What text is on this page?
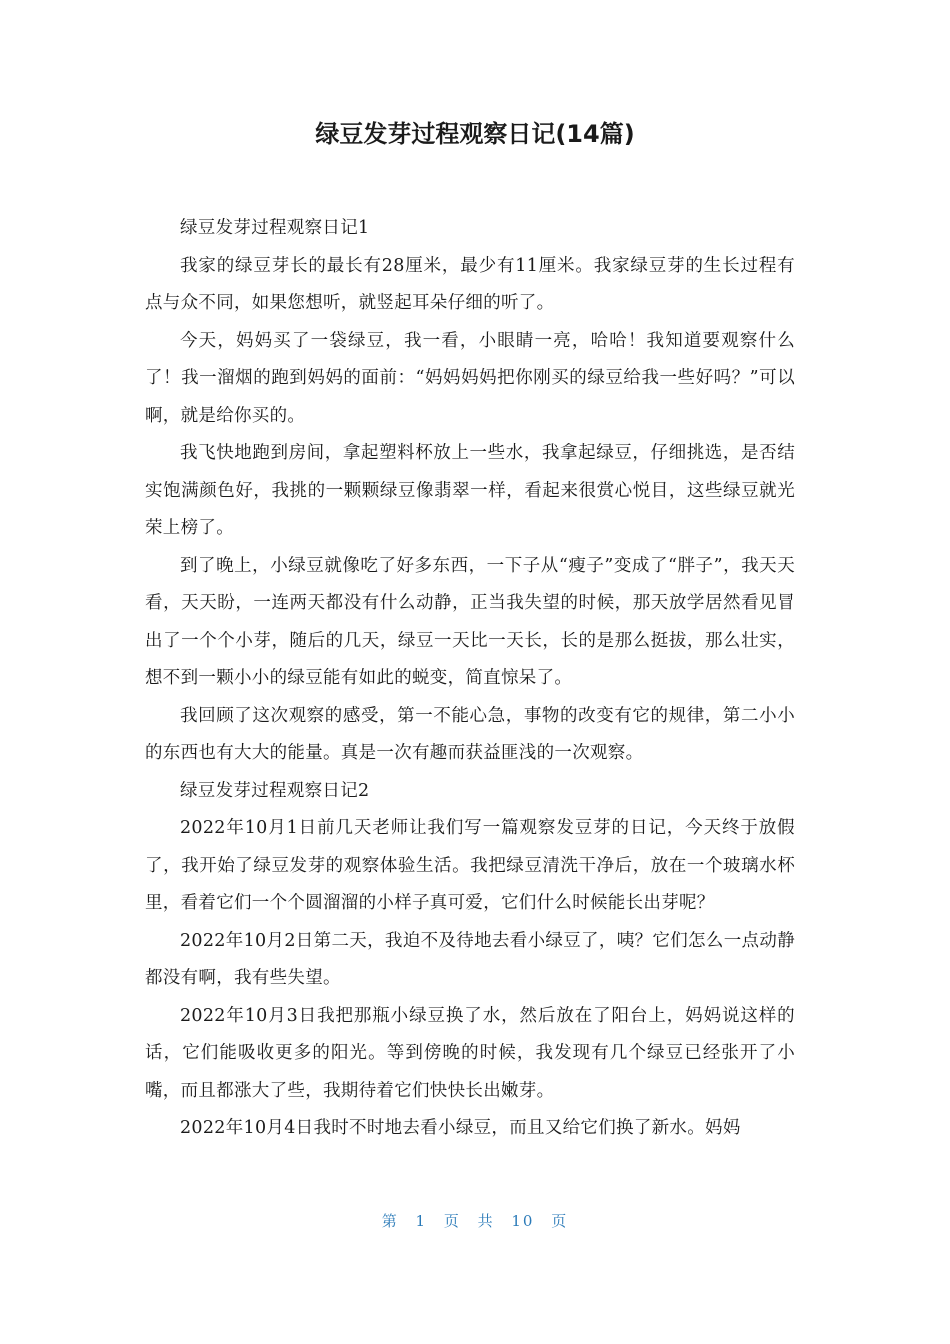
绿豆发芽过程观察日记(14篇)

绿豆发芽过程观察日记1

我家的绿豆芽长的最长有28厘米，最少有11厘米。我家绿豆芽的生长过程有点与众不同，如果您想听，就竖起耳朵仔细的听了。

今天，妈妈买了一袋绿豆，我一看，小眼睛一亮，哈哈！我知道要观察什么了！我一溜烟的跑到妈妈的面前：“妈妈妈妈把你刚买的绿豆给我一些好吗？”可以啊，就是给你买的。

我飞快地跑到房间，拿起塑料杯放上一些水，我拿起绿豆，仔细挑选，是否结实饱满颜色好，我挑的一颗颗绿豆像翡翠一样，看起来很赏心悦目，这些绿豆就光荣上榜了。

到了晚上，小绿豆就像吃了好多东西，一下子从“瘦子”变成了“胖子”，我天天看，天天盼，一连两天都没有什么动静，正当我失望的时候，那天放学居然看见冒出了一个个小芽，随后的几天，绿豆一天比一天长，长的是那么挺拔，那么壮实，想不到一颗小小的绿豆能有如此的蜕变，简直惊呆了。

我回顾了这次观察的感受，第一不能心急，事物的改变有它的规律，第二小小的东西也有大大的能量。真是一次有趣而获益匪浅的一次观察。

绿豆发芽过程观察日记2

2022年10月1日前几天老师让我们写一篇观察发豆芽的日记，今天终于放假了，我开始了绿豆发芽的观察体验生活。我把绿豆清洗干净后，放在一个玻璃水杯里，看着它们一个个圆溜溜的小样子真可爱，它们什么时候能长出芽呢？

2022年10月2日第二天，我迫不及待地去看小绿豆了，咦？它们怎么一点动静都没有啊，我有些失望。

2022年10月3日我把那瓶小绿豆换了水，然后放在了阳台上，妈妈说这样的话，它们能吸收更多的阳光。等到傍晚的时候，我发现有几个绿豆已经张开了小嘴，而且都涨大了些，我期待着它们快快长出嫩芽。

2022年10月4日我时不时地去看小绿豆，而且又给它们换了新水。妈妈

第 1 页 共 10 页
